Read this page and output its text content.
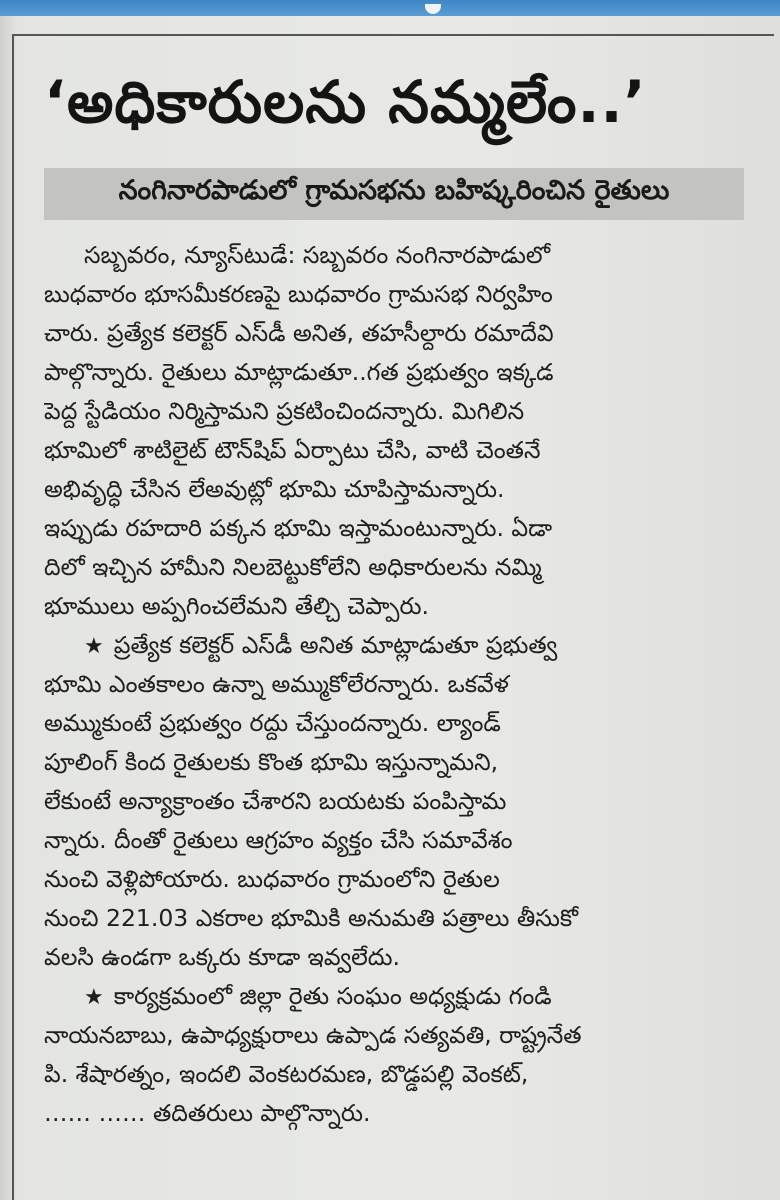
‘అధికారులను నమ్మలేం..’
నంగినారపాడులో గ్రామసభను బహిష్కరించిన రైతులు
సబ్బవరం, న్యూస్‌టుడే: సబ్బవరం నంగినారపాడులో
బుధవారం భూసమీకరణపై బుధవారం గ్రామసభ నిర్వహిం
చారు. ప్రత్యేక కలెక్టర్ ఎస్‌డీ అనిత, తహసీల్దారు రమాదేవి
పాల్గొన్నారు. రైతులు మాట్లాడుతూ..గత ప్రభుత్వం ఇక్కడ
పెద్ద స్టేడియం నిర్మిస్తామని ప్రకటించిందన్నారు. మిగిలిన
భూమిలో శాటిలైట్ టౌన్‌షిప్ ఏర్పాటు చేసి, వాటి చెంతనే
అభివృద్ధి చేసిన లేఅవుట్లో భూమి చూపిస్తామన్నారు.
ఇప్పుడు రహదారి పక్కన భూమి ఇస్తామంటున్నారు. ఏడా
దిలో ఇచ్చిన హామీని నిలబెట్టుకోలేని అధికారులను నమ్మి
భూములు అప్పగించలేమని తేల్చి చెప్పారు.
★ ప్రత్యేక కలెక్టర్ ఎస్‌డీ అనిత మాట్లాడుతూ ప్రభుత్వ
భూమి ఎంతకాలం ఉన్నా అమ్ముకోలేరన్నారు. ఒకవేళ
అమ్ముకుంటే ప్రభుత్వం రద్దు చేస్తుందన్నారు. ల్యాండ్
పూలింగ్ కింద రైతులకు కొంత భూమి ఇస్తున్నామని,
లేకుంటే అన్యాక్రాంతం చేశారని బయటకు పంపిస్తామ
న్నారు. దీంతో రైతులు ఆగ్రహం వ్యక్తం చేసి సమావేశం
నుంచి వెళ్లిపోయారు. బుధవారం గ్రామంలోని రైతుల
నుంచి 221.03 ఎకరాల భూమికి అనుమతి పత్రాలు తీసుకో
వలసి ఉండగా ఒక్కరు కూడా ఇవ్వలేదు.
★ కార్యక్రమంలో జిల్లా రైతు సంఘం అధ్యక్షుడు గండి
నాయనబాబు, ఉపాధ్యక్షురాలు ఉప్పాడ సత్యవతి, రాష్ట్రనేత
పి. శేషారత్నం, ఇందలి వెంకటరమణ, బొడ్డపల్లి వెంకట్,
…… …… తదితరులు పాల్గొన్నారు.
